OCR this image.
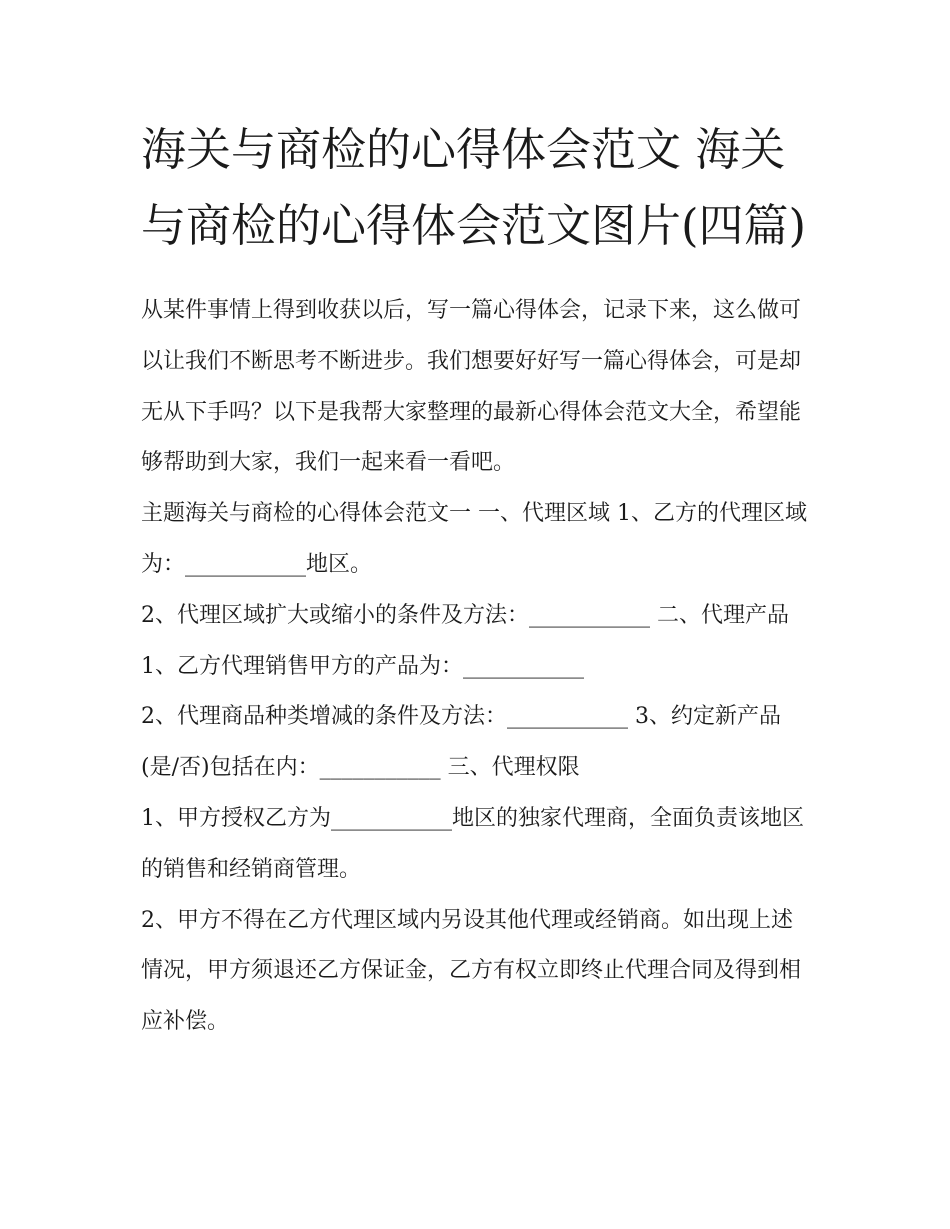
海关与商检的心得体会范文 海关与商检的心得体会范文图片(四篇)

从某件事情上得到收获以后，写一篇心得体会，记录下来，这么做可以让我们不断思考不断进步。我们想要好好写一篇心得体会，可是却无从下手吗？以下是我帮大家整理的最新心得体会范文大全，希望能够帮助到大家，我们一起来看一看吧。

主题海关与商检的心得体会范文一 一、代理区域 1、乙方的代理区域为：___________地区。

2、代理区域扩大或缩小的条件及方法：___________ 二、代理产品 1、乙方代理销售甲方的产品为：___________

2、代理商品种类增减的条件及方法：___________ 3、约定新产品(是/否)包括在内：___________ 三、代理权限

1、甲方授权乙方为___________地区的独家代理商，全面负责该地区的销售和经销商管理。

2、甲方不得在乙方代理区域内另设其他代理或经销商。如出现上述情况，甲方须退还乙方保证金，乙方有权立即终止代理合同及得到相应补偿。
